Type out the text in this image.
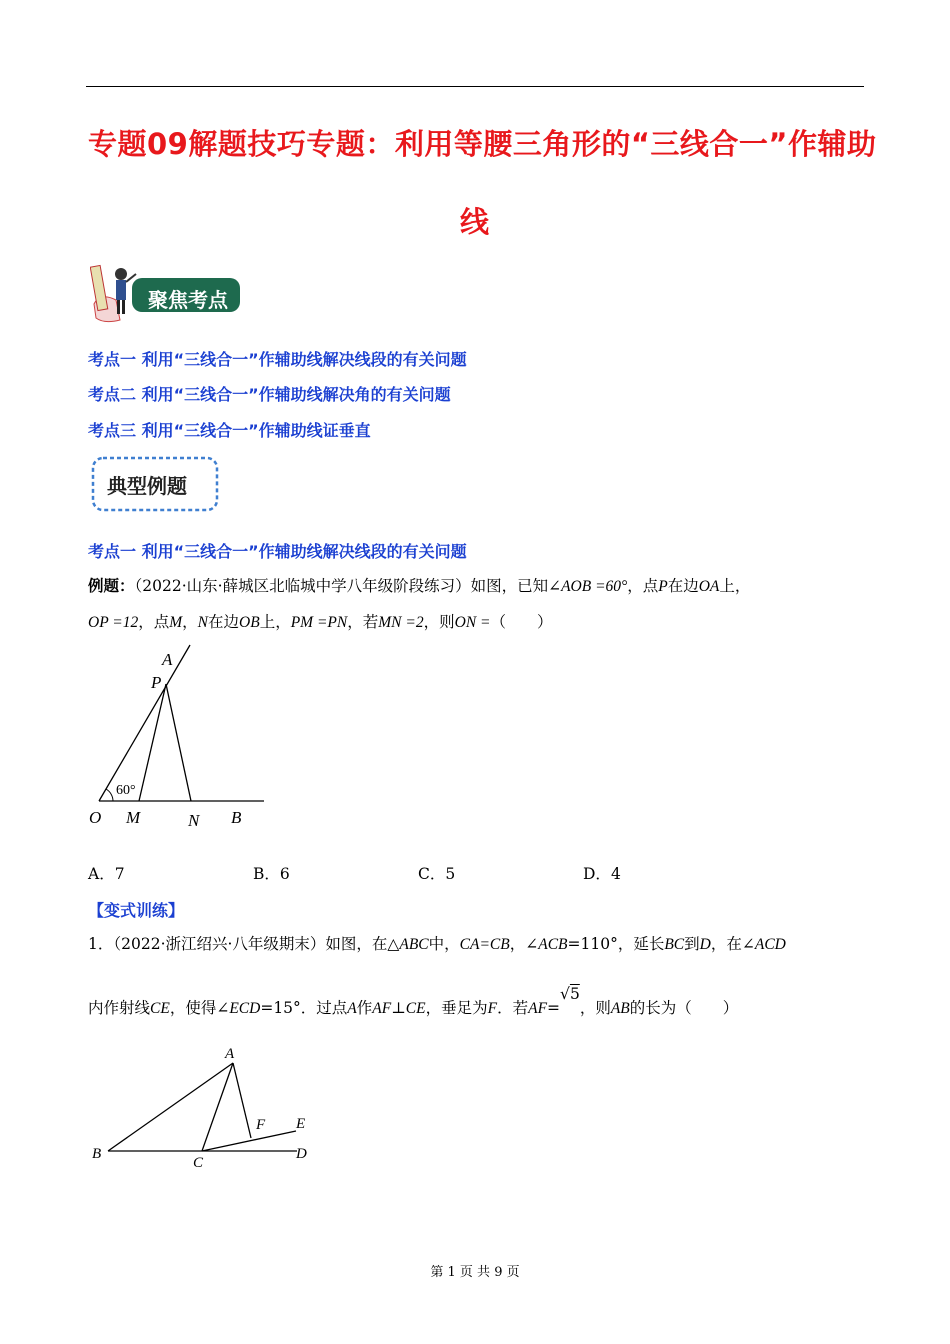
专题09解题技巧专题：利用等腰三角形的“三线合一”作辅助
线
聚焦考点
考点一 利用“三线合一”作辅助线解决线段的有关问题
考点二 利用“三线合一”作辅助线解决角的有关问题
考点三 利用“三线合一”作辅助线证垂直
典型例题
考点一 利用“三线合一”作辅助线解决线段的有关问题
例题：（2022·山东·薛城区北临城中学八年级阶段练习）如图，已知∠AOB =60°，点P在边OA上，
OP =12，点M，N在边OB上，PM =PN，若MN =2，则ON =（　　）
A
P
60°
O M	N B
A．7	B．6	C．5	D．4
【变式训练】
1．（2022·浙江绍兴·八年级期末）如图，在△ABC中，CA=CB，∠ACB=110°，延长BC到D，在∠ACD
内作射线CE，使得∠ECD=15°．过点A作AF⊥CE，垂足为F．若AF=√5，则AB的长为（　　）
A
B
C
D
E
F
第 1 页 共 9 页
